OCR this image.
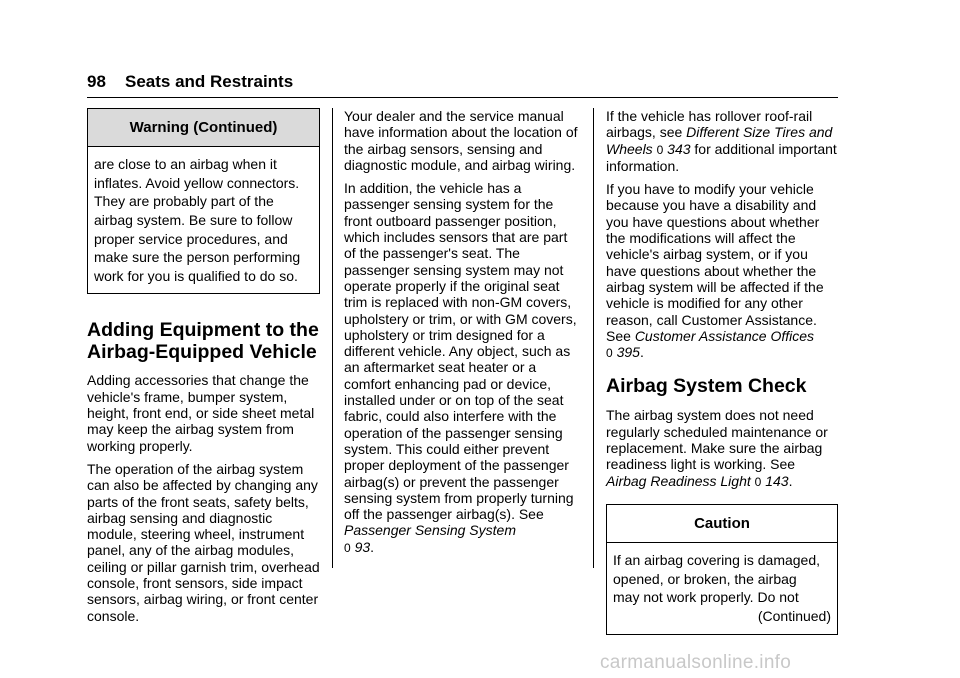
98 Seats and Restraints
Warning (Continued)
are close to an airbag when it
inflates. Avoid yellow connectors.
They are probably part of the
airbag system. Be sure to follow
proper service procedures, and
make sure the person performing
work for you is qualified to do so.
Adding Equipment to the
Airbag-Equipped Vehicle

Adding accessories that change the vehicle's frame, bumper system, height, front end, or side sheet metal may keep the airbag system from working properly.

The operation of the airbag system can also be affected by changing any parts of the front seats, safety belts, airbag sensing and diagnostic module, steering wheel, instrument panel, any of the airbag modules, ceiling or pillar garnish trim, overhead console, front sensors, side impact sensors, airbag wiring, or front center console.

Your dealer and the service manual have information about the location of the airbag sensors, sensing and diagnostic module, and airbag wiring.

In addition, the vehicle has a passenger sensing system for the front outboard passenger position, which includes sensors that are part of the passenger's seat. The passenger sensing system may not operate properly if the original seat trim is replaced with non-GM covers, upholstery or trim, or with GM covers, upholstery or trim designed for a different vehicle. Any object, such as an aftermarket seat heater or a comfort enhancing pad or device, installed under or on top of the seat fabric, could also interfere with the operation of the passenger sensing system. This could either prevent proper deployment of the passenger airbag(s) or prevent the passenger sensing system from properly turning off the passenger airbag(s). See Passenger Sensing System
0 93.

If the vehicle has rollover roof-rail airbags, see Different Size Tires and Wheels 0 343 for additional important information.

If you have to modify your vehicle because you have a disability and you have questions about whether the modifications will affect the vehicle's airbag system, or if you have questions about whether the airbag system will be affected if the vehicle is modified for any other reason, call Customer Assistance. See Customer Assistance Offices
0 395.

Airbag System Check

The airbag system does not need regularly scheduled maintenance or replacement. Make sure the airbag readiness light is working. See
Airbag Readiness Light 0 143.

Caution
If an airbag covering is damaged,
opened, or broken, the airbag
may not work properly. Do not

(Continued)

carmanualsonline.info
